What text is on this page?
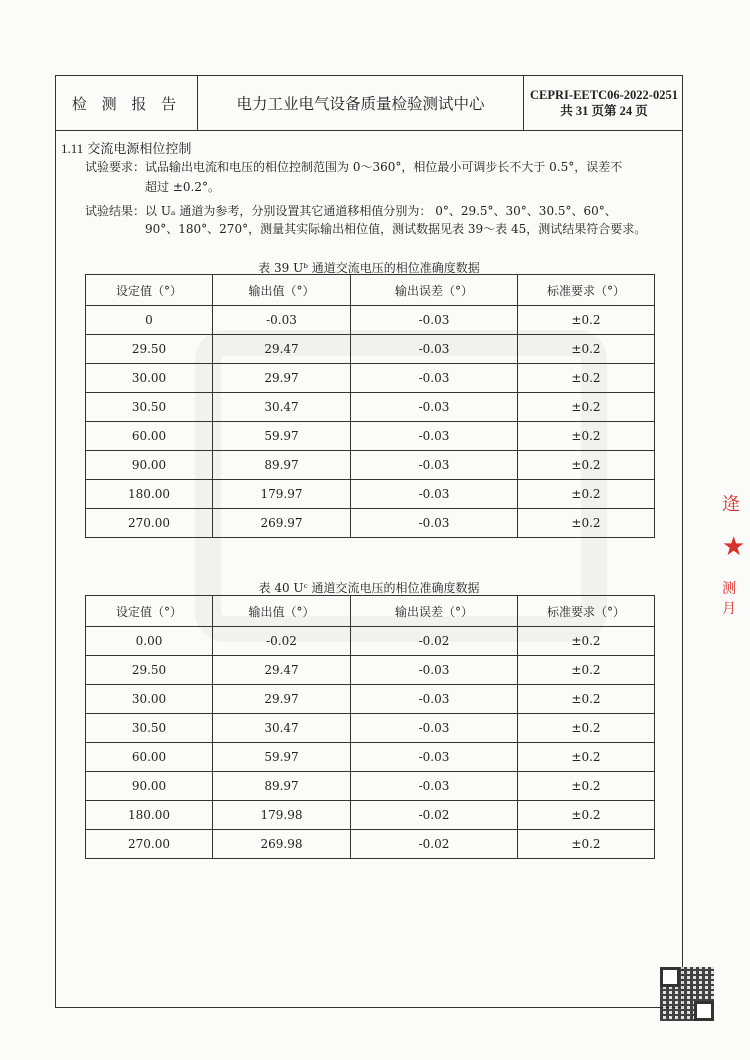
检 测 报 告	电力工业电气设备质量检验测试中心	CEPRI-EETC06-2022-0251
共 31 页第 24 页
1.11 交流电源相位控制
试验要求： 试品输出电流和电压的相位控制范围为 0～360°，相位最小可调步长不大于 0.5°，误差不
超过 ±0.2°。
试验结果： 以 Uₐ 通道为参考，分别设置其它通道移相值分别为： 0°、29.5°、30°、30.5°、60°、
90°、180°、270°，测量其实际输出相位值，测试数据见表 39～表 45，测试结果符合要求。
表 39 Uᵇ 通道交流电压的相位准确度数据
设定值（°）	输出值（°）	输出误差（°）	标准要求（°）
0	-0.03	-0.03	±0.2
29.50	29.47	-0.03	±0.2
30.00	29.97	-0.03	±0.2
30.50	30.47	-0.03	±0.2
60.00	59.97	-0.03	±0.2
90.00	89.97	-0.03	±0.2
180.00	179.97	-0.03	±0.2
270.00	269.97	-0.03	±0.2
表 40 Uᶜ 通道交流电压的相位准确度数据
设定值（°）	输出值（°）	输出误差（°）	标准要求（°）
0.00	-0.02	-0.02	±0.2
29.50	29.47	-0.03	±0.2
30.00	29.97	-0.03	±0.2
30.50	30.47	-0.03	±0.2
60.00	59.97	-0.03	±0.2
90.00	89.97	-0.03	±0.2
180.00	179.98	-0.02	±0.2
270.00	269.98	-0.02	±0.2
逄
★
测
月
